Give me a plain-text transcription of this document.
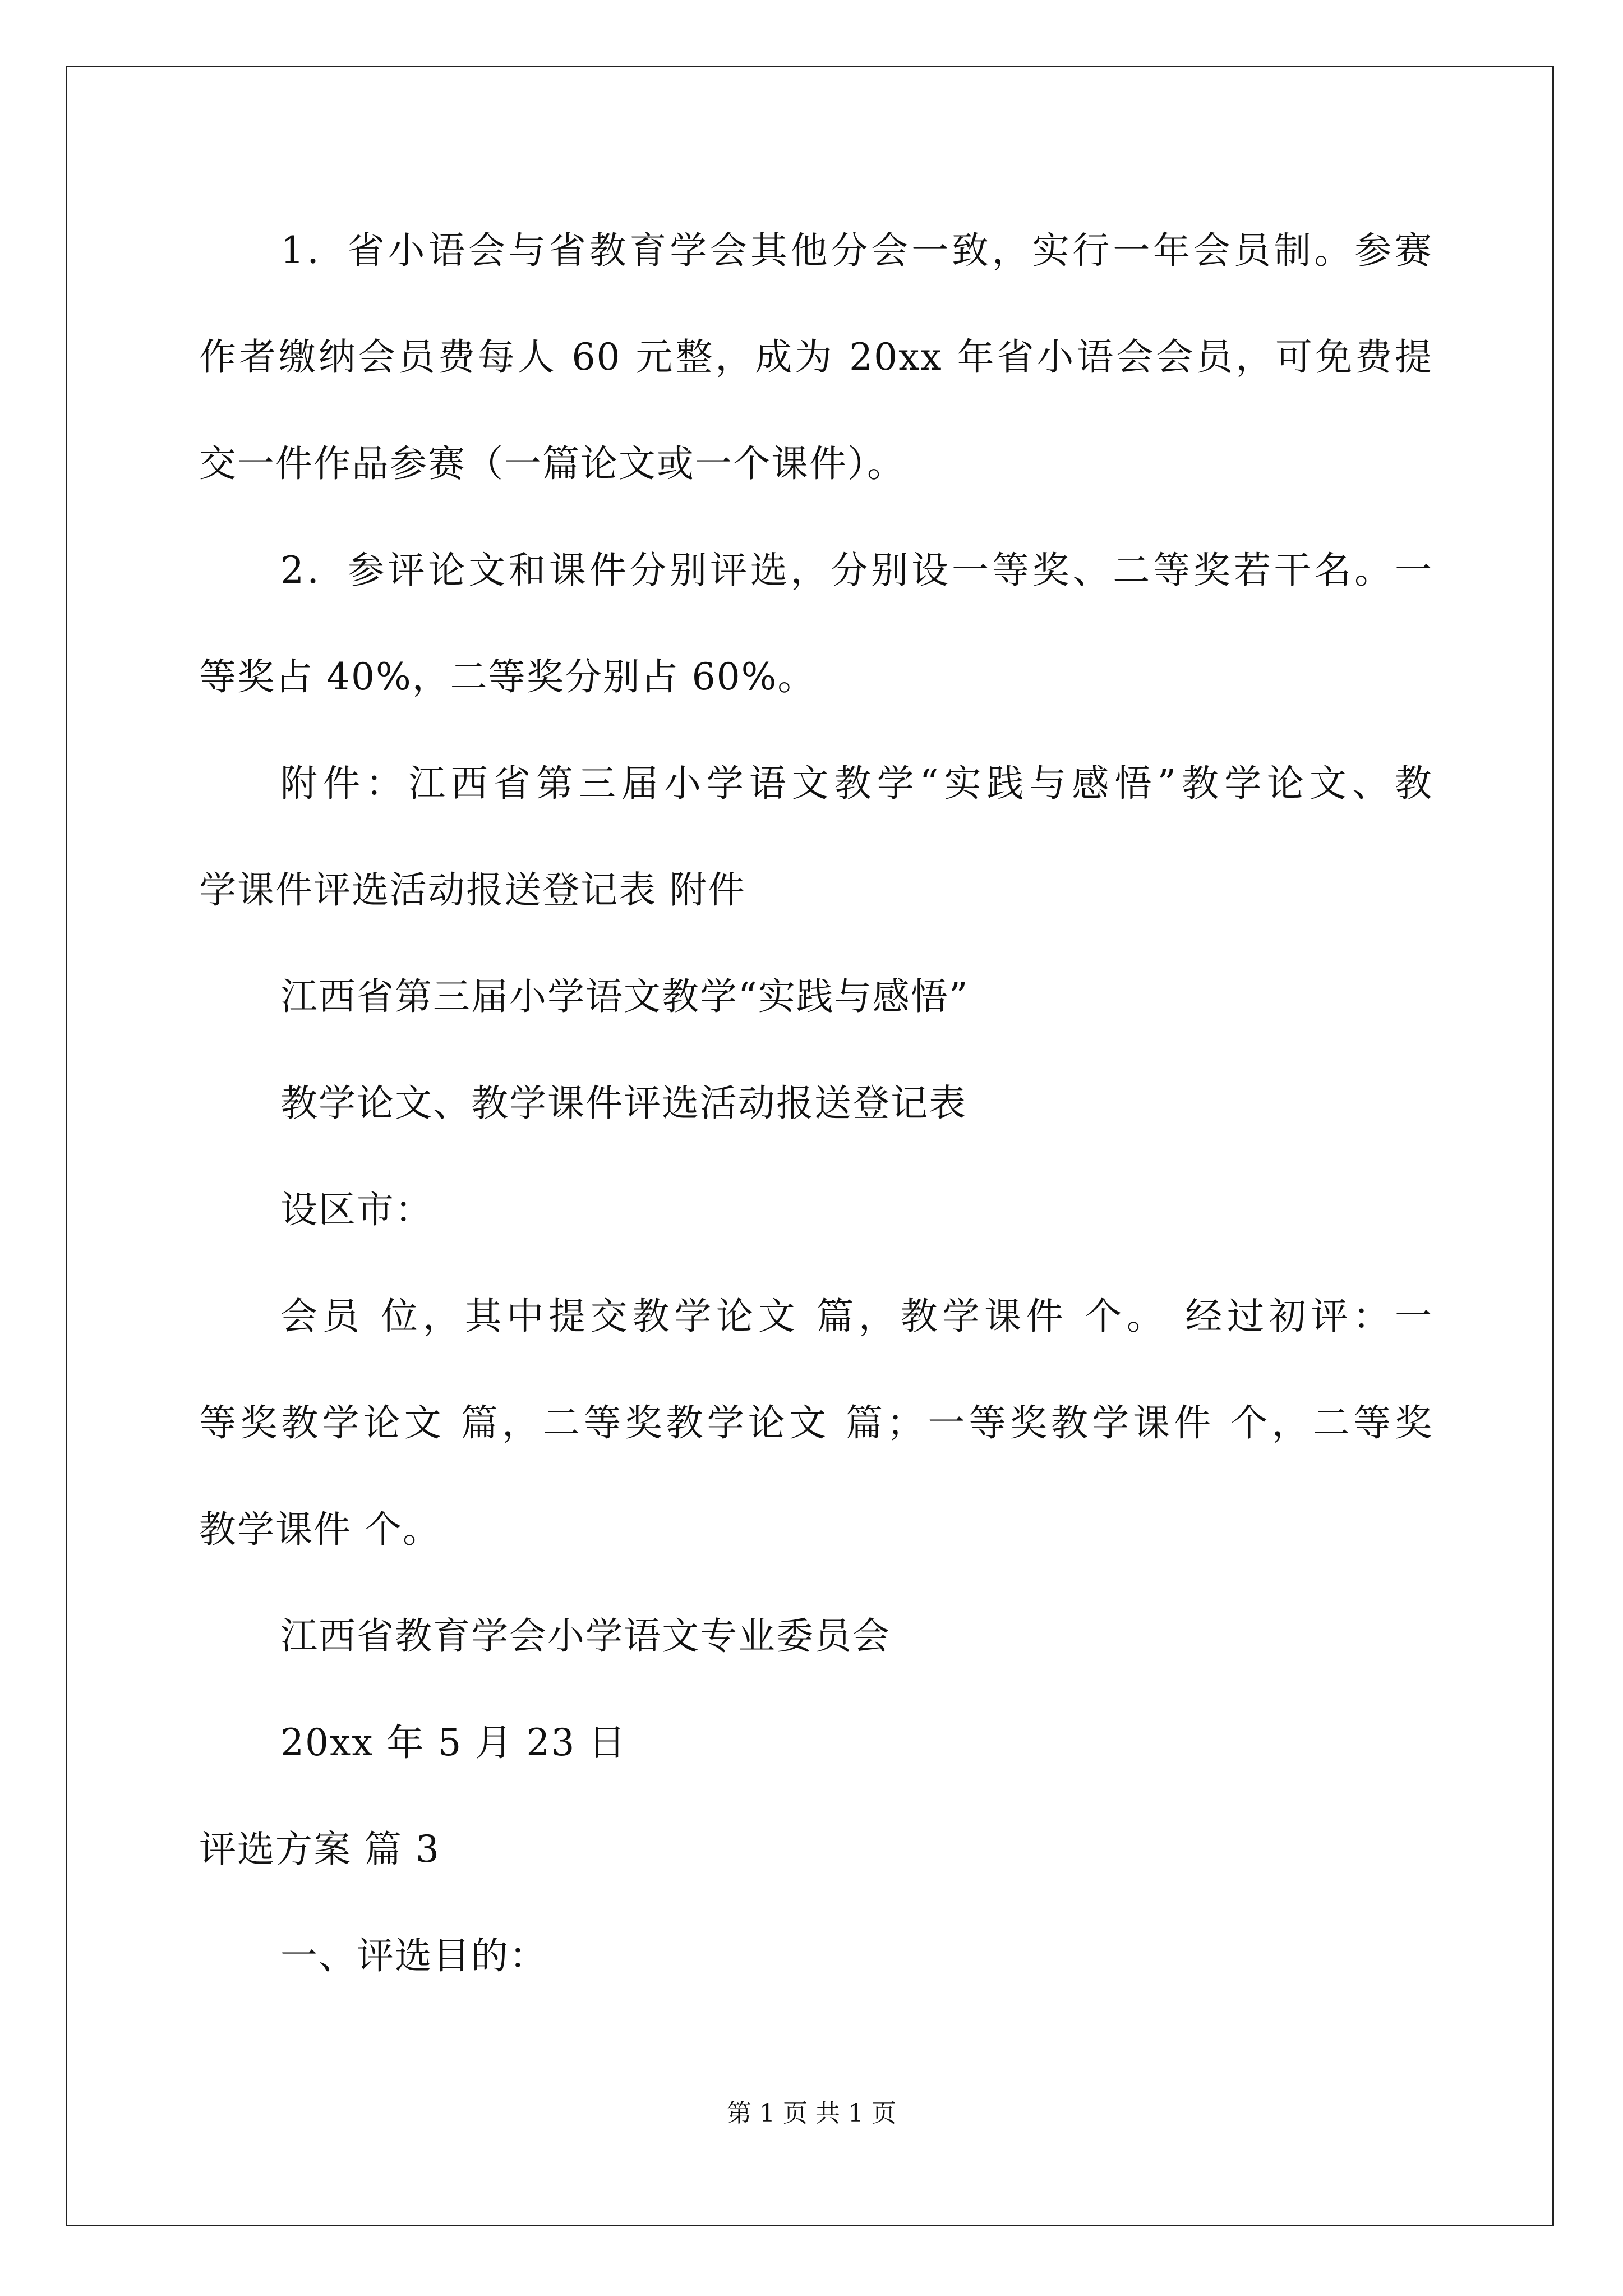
1．省小语会与省教育学会其他分会一致，实行一年会员制。参赛
作者缴纳会员费每人 60 元整，成为 20xx 年省小语会会员，可免费提
交一件作品参赛（一篇论文或一个课件）。
2．参评论文和课件分别评选，分别设一等奖、二等奖若干名。一
等奖占 40%，二等奖分别占 60%。
附件：江西省第三届小学语文教学“实践与感悟”教学论文、教
学课件评选活动报送登记表 附件
江西省第三届小学语文教学“实践与感悟”
教学论文、教学课件评选活动报送登记表
设区市：
会员 位，其中提交教学论文 篇，教学课件 个。 经过初评：一
等奖教学论文 篇，二等奖教学论文 篇；一等奖教学课件 个，二等奖
教学课件 个。
江西省教育学会小学语文专业委员会
20xx 年 5 月 23 日
评选方案 篇 3
一、评选目的：
第 1 页 共 1 页
